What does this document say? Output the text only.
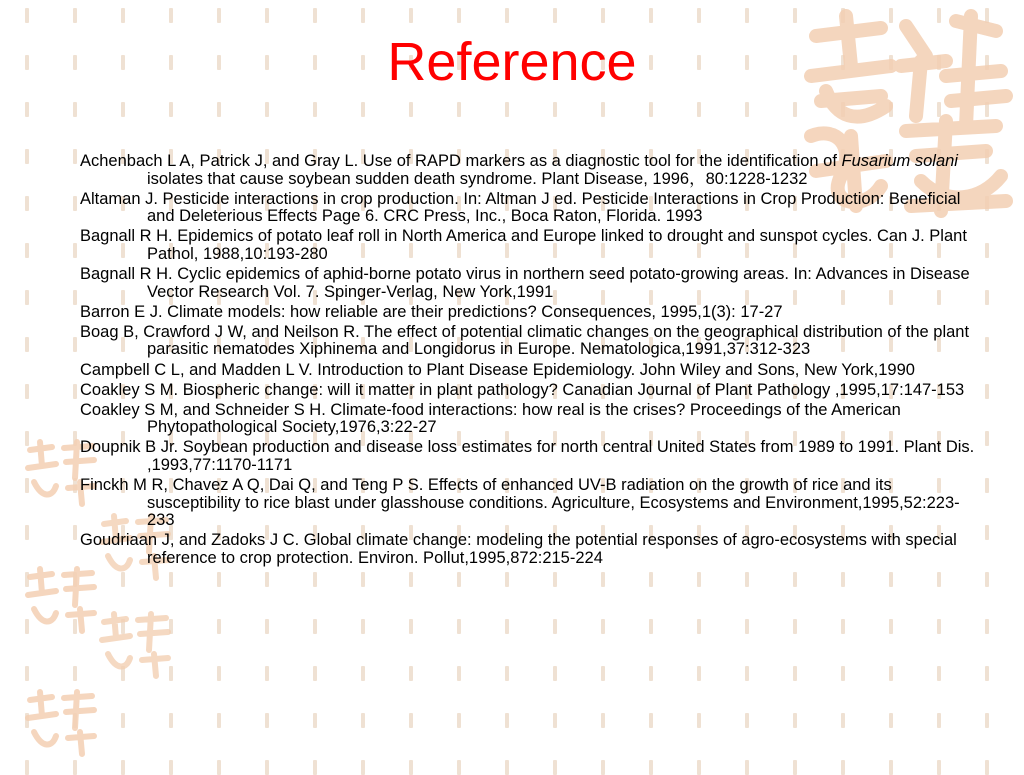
Reference
Achenbach L A, Patrick J, and Gray L. Use of RAPD markers as a diagnostic tool for the identification of Fusarium solani isolates that cause soybean sudden death syndrome. Plant Disease, 1996，80:1228-1232
Altaman J. Pesticide interactions in crop production. In: Altman J ed. Pesticide Interactions in Crop Production: Beneficial and Deleterious Effects Page 6. CRC Press, Inc., Boca Raton, Florida. 1993
Bagnall R H. Epidemics of potato leaf roll in North America and Europe linked to drought and sunspot cycles. Can J. Plant Pathol, 1988,10:193-280
Bagnall R H. Cyclic epidemics of aphid-borne potato virus in northern seed potato-growing areas. In: Advances in Disease Vector Research Vol. 7. Spinger-Verlag, New York,1991
Barron E J. Climate models: how reliable are their predictions? Consequences, 1995,1(3): 17-27
Boag B, Crawford J W, and Neilson R. The effect of potential climatic changes on the geographical distribution of the plant parasitic nematodes Xiphinema and Longidorus in Europe. Nematologica,1991,37:312-323
Campbell C L, and Madden L V. Introduction to Plant Disease Epidemiology. John Wiley and Sons, New York,1990
Coakley S M. Biospheric change: will it matter in plant pathology? Canadian Journal of Plant Pathology ,1995,17:147-153
Coakley S M, and Schneider S H. Climate-food interactions: how real is the crises? Proceedings of the American Phytopathological Society,1976,3:22-27
Doupnik B Jr. Soybean production and disease loss estimates for north central United States from 1989 to 1991. Plant Dis. ,1993,77:1170-1171
Finckh M R, Chavez A Q, Dai Q, and Teng P S. Effects of enhanced UV-B radiation on the growth of rice and its susceptibility to rice blast under glasshouse conditions. Agriculture, Ecosystems and Environment,1995,52:223-233
Goudriaan J, and Zadoks J C. Global climate change: modeling the potential responses of agro-ecosystems with special reference to crop protection. Environ. Pollut,1995,872:215-224
